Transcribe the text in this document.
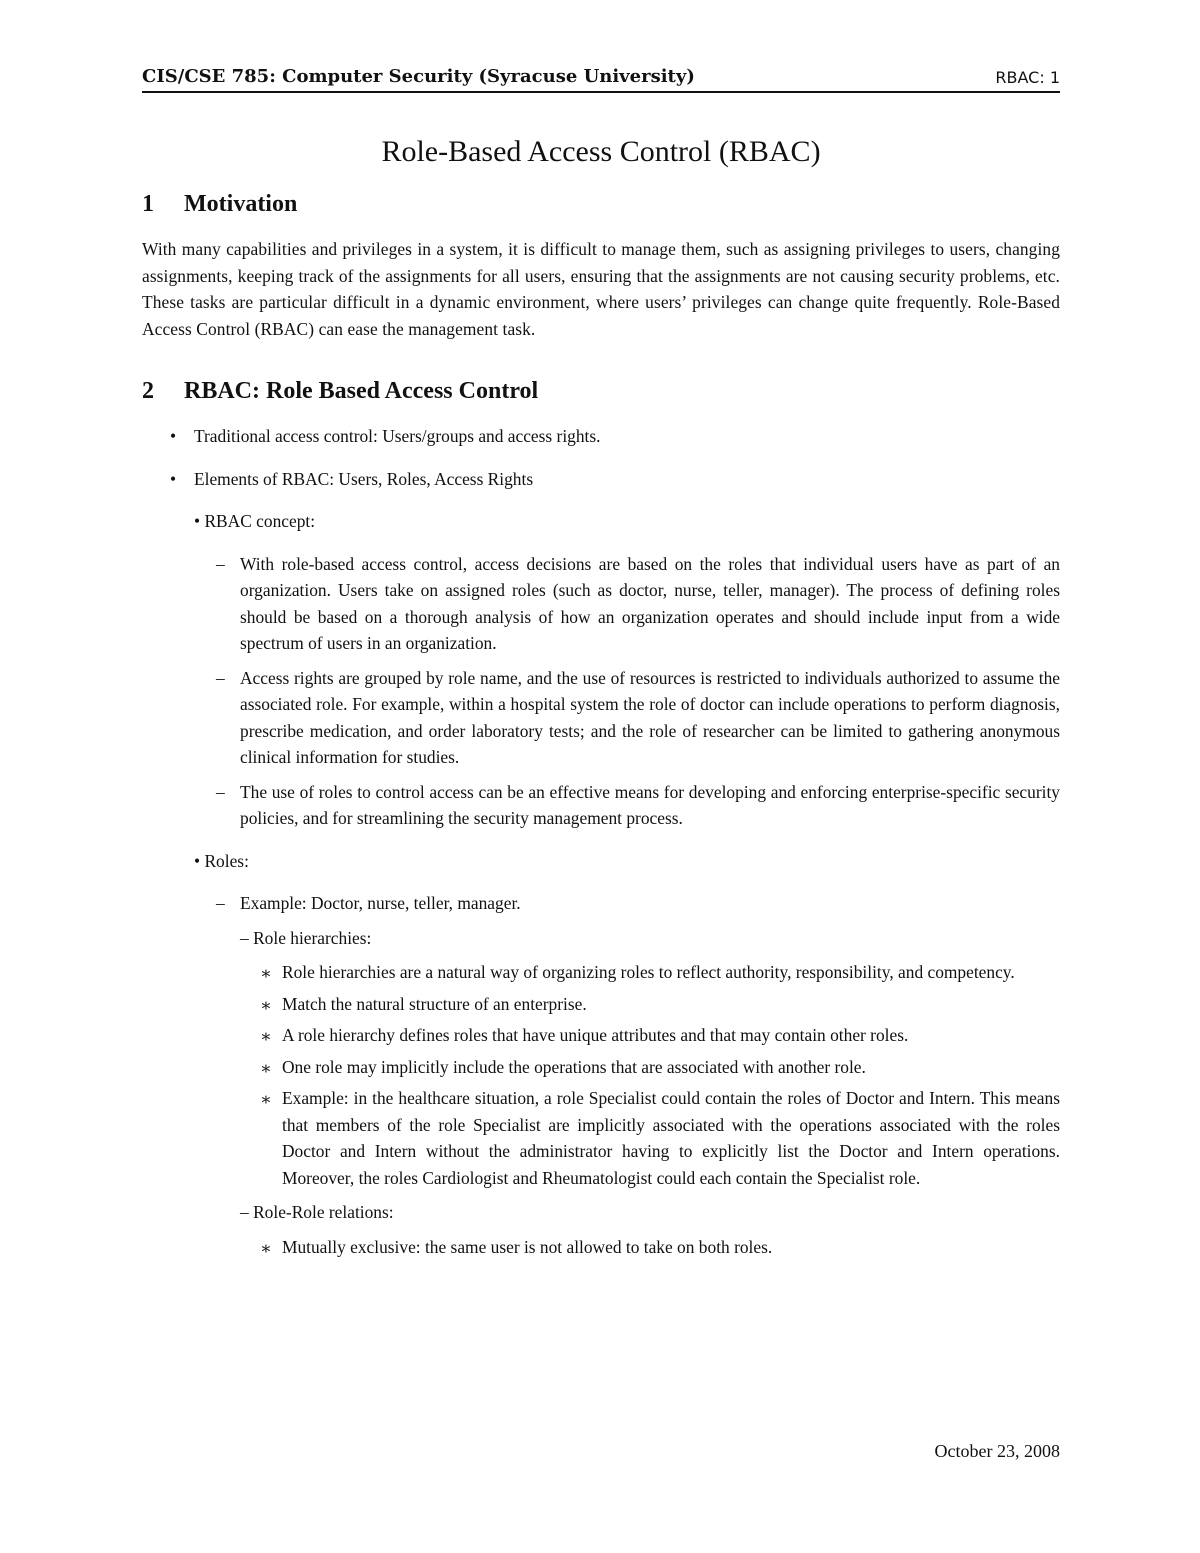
CIS/CSE 785: Computer Security (Syracuse University)	RBAC: 1
Role-Based Access Control (RBAC)
1 Motivation

With many capabilities and privileges in a system, it is difficult to manage them, such as assigning privileges to users, changing assignments, keeping track of the assignments for all users, ensuring that the assignments are not causing security problems, etc. These tasks are particular difficult in a dynamic environment, where users’ privileges can change quite frequently. Role-Based Access Control (RBAC) can ease the management task.

2 RBAC: Role Based Access Control
• Traditional access control: Users/groups and access rights.
• Elements of RBAC: Users, Roles, Access Rights
• RBAC concept:
– With role-based access control, access decisions are based on the roles that individual users have as part of an organization. Users take on assigned roles (such as doctor, nurse, teller, manager). The process of defining roles should be based on a thorough analysis of how an organization operates and should include input from a wide spectrum of users in an organization.
– Access rights are grouped by role name, and the use of resources is restricted to individuals authorized to assume the associated role. For example, within a hospital system the role of doctor can include operations to perform diagnosis, prescribe medication, and order laboratory tests; and the role of researcher can be limited to gathering anonymous clinical information for studies.
– The use of roles to control access can be an effective means for developing and enforcing enterprise-specific security policies, and for streamlining the security management process.
• Roles:
– Example: Doctor, nurse, teller, manager.
– Role hierarchies:
∗ Role hierarchies are a natural way of organizing roles to reflect authority, responsibility, and competency.
∗ Match the natural structure of an enterprise.
∗ A role hierarchy defines roles that have unique attributes and that may contain other roles.
∗ One role may implicitly include the operations that are associated with another role.
∗ Example: in the healthcare situation, a role Specialist could contain the roles of Doctor and Intern. This means that members of the role Specialist are implicitly associated with the operations associated with the roles Doctor and Intern without the administrator having to explicitly list the Doctor and Intern operations. Moreover, the roles Cardiologist and Rheumatologist could each contain the Specialist role.
– Role-Role relations:
∗ Mutually exclusive: the same user is not allowed to take on both roles.
October 23, 2008
